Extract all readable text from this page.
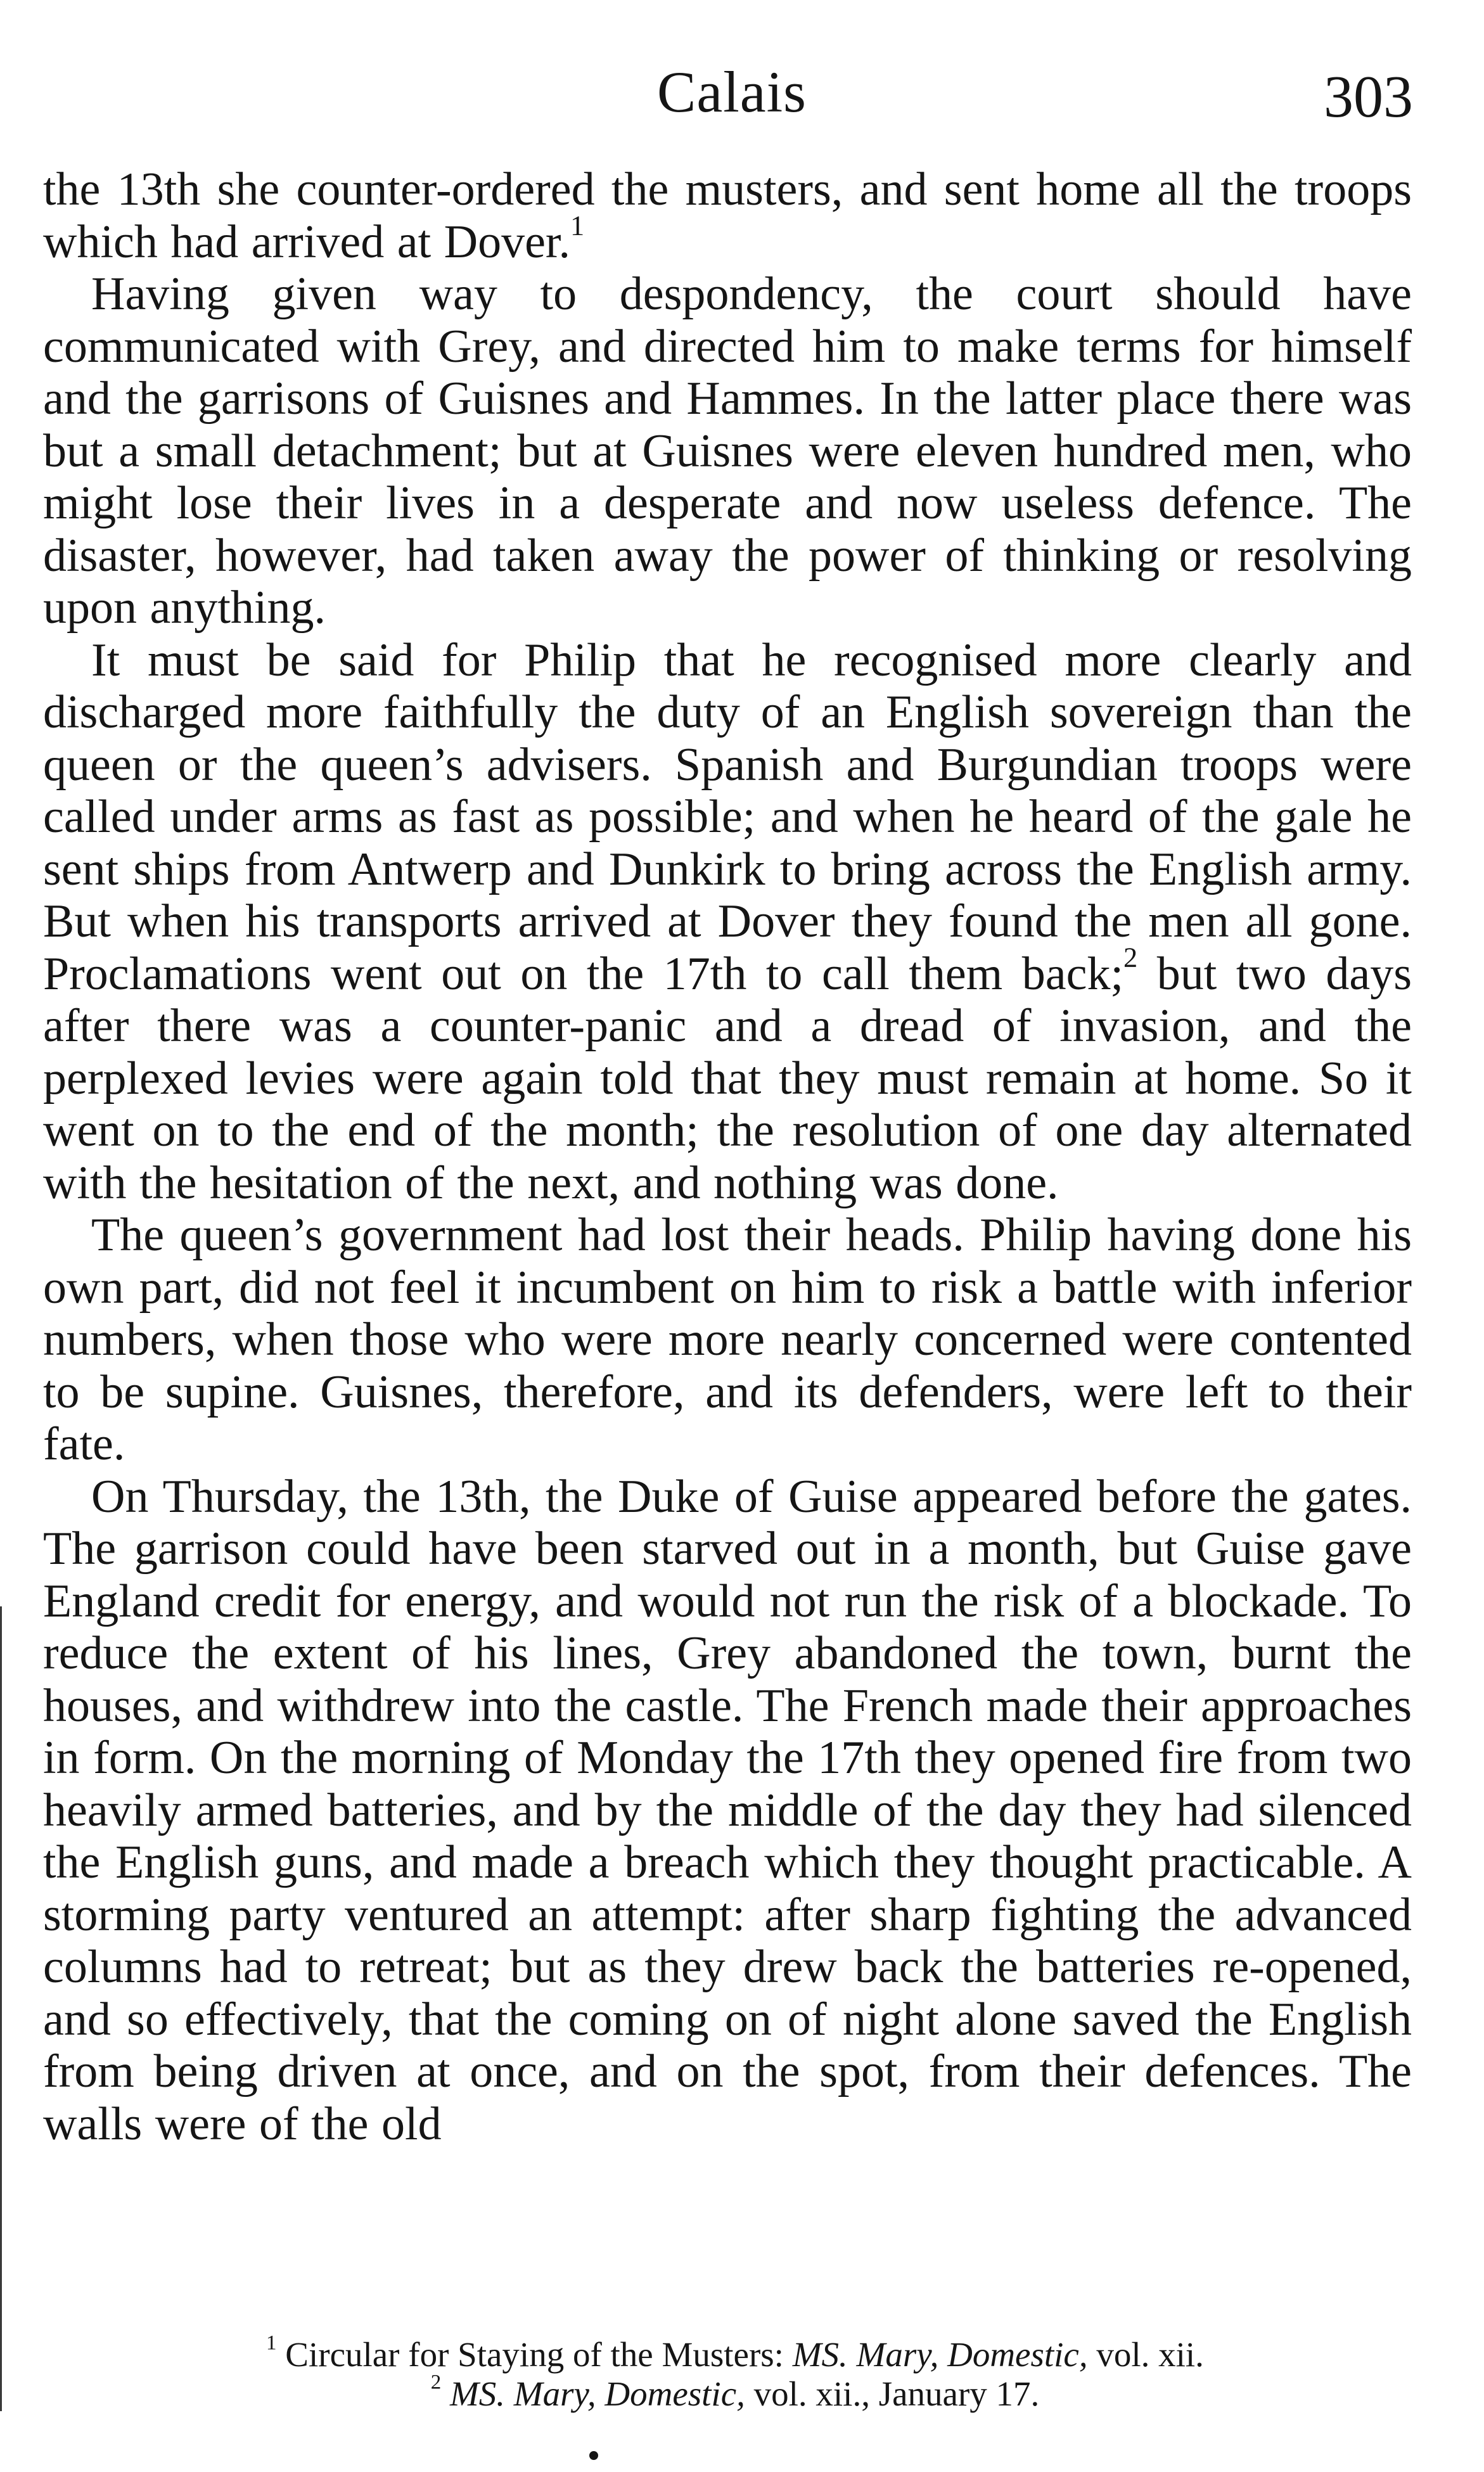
Calais	303

the 13th she counter-ordered the musters, and sent home all the troops which had arrived at Dover.$^1$

Having given way to despondency, the court should have communicated with Grey, and directed him to make terms for himself and the garrisons of Guisnes and Hammes. In the latter place there was but a small detachment; but at Guisnes were eleven hundred men, who might lose their lives in a desperate and now useless defence. The disaster, however, had taken away the power of thinking or resolving upon anything.

It must be said for Philip that he recognised more clearly and discharged more faithfully the duty of an English sovereign than the queen or the queen’s advisers. Spanish and Burgundian troops were called under arms as fast as possible; and when he heard of the gale he sent ships from Antwerp and Dunkirk to bring across the English army. But when his transports arrived at Dover they found the men all gone. Proclamations went out on the 17th to call them back;$^2$ but two days after there was a counter-panic and a dread of invasion, and the perplexed levies were again told that they must remain at home. So it went on to the end of the month; the resolution of one day alternated with the hesitation of the next, and nothing was done.

The queen’s government had lost their heads. Philip having done his own part, did not feel it incumbent on him to risk a battle with inferior numbers, when those who were more nearly concerned were contented to be supine. Guisnes, therefore, and its defenders, were left to their fate.

On Thursday, the 13th, the Duke of Guise appeared before the gates. The garrison could have been starved out in a month, but Guise gave England credit for energy, and would not run the risk of a blockade. To reduce the extent of his lines, Grey abandoned the town, burnt the houses, and withdrew into the castle. The French made their approaches in form. On the morning of Monday the 17th they opened fire from two heavily armed batteries, and by the middle of the day they had silenced the English guns, and made a breach which they thought practicable. A storming party ventured an attempt: after sharp fighting the advanced columns had to retreat; but as they drew back the batteries re-opened, and so effectively, that the coming on of night alone saved the English from being driven at once, and on the spot, from their defences. The walls were of the old

$^1$ Circular for Staying of the Musters: MS. Mary, Domestic, vol. xii.

$^2$ MS. Mary, Domestic, vol. xii., January 17.
